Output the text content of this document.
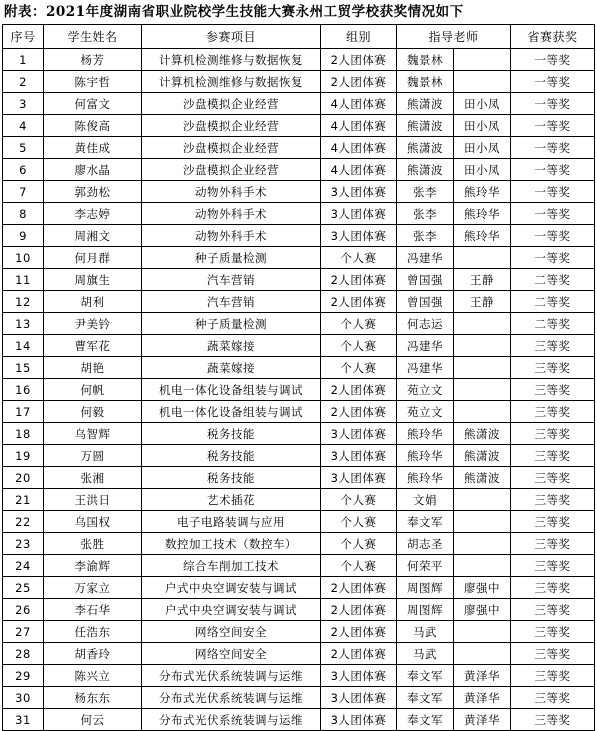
附表：2021年度湖南省职业院校学生技能大赛永州工贸学校获奖情况如下
序号	学生姓名	参赛项目	组别	指导老师		省赛获奖
1	杨芳	计算机检测维修与数据恢复	2人团体赛	魏景林		一等奖
2	陈宇哲	计算机检测维修与数据恢复	2人团体赛	魏景林		一等奖
3	何富文	沙盘模拟企业经营	4人团体赛	熊潇波	田小凤	一等奖
4	陈俊高	沙盘模拟企业经营	4人团体赛	熊潇波	田小凤	一等奖
5	黄佳成	沙盘模拟企业经营	4人团体赛	熊潇波	田小凤	一等奖
6	廖水晶	沙盘模拟企业经营	4人团体赛	熊潇波	田小凤	一等奖
7	郭劲松	动物外科手术	3人团体赛	张李	熊玲华	一等奖
8	李志婷	动物外科手术	3人团体赛	张李	熊玲华	一等奖
9	周湘文	动物外科手术	3人团体赛	张李	熊玲华	一等奖
10	何月群	种子质量检测	个人赛	冯建华		一等奖
11	周旗生	汽车营销	2人团体赛	曾国强	王静	二等奖
12	胡利	汽车营销	2人团体赛	曾国强	王静	二等奖
13	尹美钤	种子质量检测	个人赛	何志运		二等奖
14	曹军花	蔬菜嫁接	个人赛	冯建华		三等奖
15	胡艳	蔬菜嫁接	个人赛	冯建华		三等奖
16	何帆	机电一体化设备组装与调试	2人团体赛	苑立文		三等奖
17	何毅	机电一体化设备组装与调试	2人团体赛	苑立文		三等奖
18	乌智辉	税务技能	3人团体赛	熊玲华	熊潇波	三等奖
19	万圆	税务技能	3人团体赛	熊玲华	熊潇波	三等奖
20	张湘	税务技能	3人团体赛	熊玲华	熊潇波	三等奖
21	王洪日	艺术插花	个人赛	文娟		三等奖
22	乌国权	电子电路装调与应用	个人赛	奉文军		三等奖
23	张胜	数控加工技术（数控车）	个人赛	胡志圣		三等奖
24	李渝辉	综合车削加工技术	个人赛	何荣平		三等奖
25	万家立	户式中央空调安装与调试	2人团体赛	周图辉	廖强中	三等奖
26	李石华	户式中央空调安装与调试	2人团体赛	周图辉	廖强中	三等奖
27	任浩东	网络空间安全	2人团体赛	马武		三等奖
28	胡香玲	网络空间安全	2人团体赛	马武		三等奖
29	陈兴立	分布式光伏系统装调与运维	3人团体赛	奉文军	黄泽华	三等奖
30	杨东东	分布式光伏系统装调与运维	3人团体赛	奉文军	黄泽华	三等奖
31	何云	分布式光伏系统装调与运维	3人团体赛	奉文军	黄泽华	三等奖
